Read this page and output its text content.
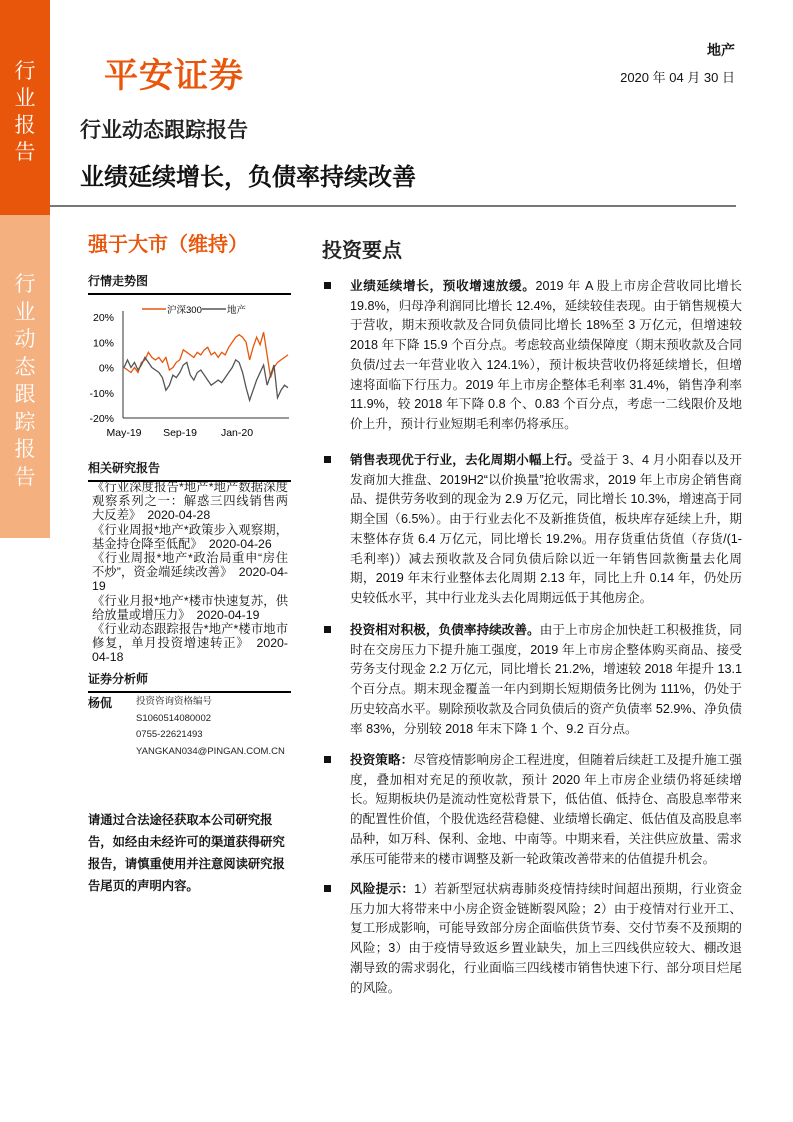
行业报告
行业动态跟踪报告
平安证券
地产
2020 年 04 月 30 日
行业动态跟踪报告
业绩延续增长，负债率持续改善
强于大市（维持）
行情走势图
20%
10%
0%
-10%
-20%
May-19 Sep-19 Jan-20
沪深300	地产
相关研究报告
《行业深度报告*地产*地产数据深度观察系列之一：解惑三四线销售两大反差》　2020-04-28
《行业周报*地产*政策步入观察期，基金持仓降至低配》　2020-04-26
《行业周报*地产*政治局重申“房住不炒”，资金端延续改善》　2020-04-19
《行业月报*地产*楼市快速复苏，供给放量或增压力》　2020-04-19
《行业动态跟踪报告*地产*楼市地市修复，单月投资增速转正》　2020-04-18
证券分析师
杨侃	投资咨询资格编号
S1060514080002
0755-22621493
YANGKAN034@PINGAN.COM.CN
请通过合法途径获取本公司研究报告，如经由未经许可的渠道获得研究报告，请慎重使用并注意阅读研究报告尾页的声明内容。
投资要点

业绩延续增长，预收增速放缓。2019 年 A 股上市房企营收同比增长 19.8%，归母净利润同比增长 12.4%，延续较佳表现。由于销售规模大于营收，期末预收款及合同负债同比增长 18%至 3 万亿元，但增速较 2018 年下降 15.9 个百分点。考虑较高业绩保障度（期末预收款及合同负债/过去一年营业收入 124.1%），预计板块营收仍将延续增长，但增速将面临下行压力。2019 年上市房企整体毛利率 31.4%，销售净利率 11.9%，较 2018 年下降 0.8 个、0.83 个百分点，考虑一二线限价及地价上升，预计行业短期毛利率仍将承压。

销售表现优于行业，去化周期小幅上行。受益于 3、4 月小阳春以及开发商加大推盘、2019H2“以价换量”抢收需求，2019 年上市房企销售商品、提供劳务收到的现金为 2.9 万亿元，同比增长 10.3%，增速高于同期全国（6.5%）。由于行业去化不及新推货值，板块库存延续上升，期末整体存货 6.4 万亿元，同比增长 19.2%。用存货重估货值（存货/(1-毛利率)）减去预收款及合同负债后除以近一年销售回款衡量去化周期，2019 年末行业整体去化周期 2.13 年，同比上升 0.14 年，仍处历史较低水平，其中行业龙头去化周期远低于其他房企。

投资相对积极，负债率持续改善。由于上市房企加快赶工积极推货，同时在交房压力下提升施工强度，2019 年上市房企整体购买商品、接受劳务支付现金 2.2 万亿元，同比增长 21.2%，增速较 2018 年提升 13.1 个百分点。期末现金覆盖一年内到期长短期债务比例为 111%，仍处于历史较高水平。剔除预收款及合同负债后的资产负债率 52.9%、净负债率 83%，分别较 2018 年末下降 1 个、9.2 百分点。

投资策略：尽管疫情影响房企工程进度，但随着后续赶工及提升施工强度，叠加相对充足的预收款，预计 2020 年上市房企业绩仍将延续增长。短期板块仍是流动性宽松背景下，低估值、低持仓、高股息率带来的配置性价值，个股优选经营稳健、业绩增长确定、低估值及高股息率品种，如万科、保利、金地、中南等。中期来看，关注供应放量、需求承压可能带来的楼市调整及新一轮政策改善带来的估值提升机会。

风险提示：1）若新型冠状病毒肺炎疫情持续时间超出预期，行业资金压力加大将带来中小房企资金链断裂风险；2）由于疫情对行业开工、复工形成影响，可能导致部分房企面临供货节奏、交付节奏不及预期的风险；3）由于疫情导致返乡置业缺失，加上三四线供应较大、棚改退潮导致的需求弱化，行业面临三四线楼市销售快速下行、部分项目烂尾的风险。
